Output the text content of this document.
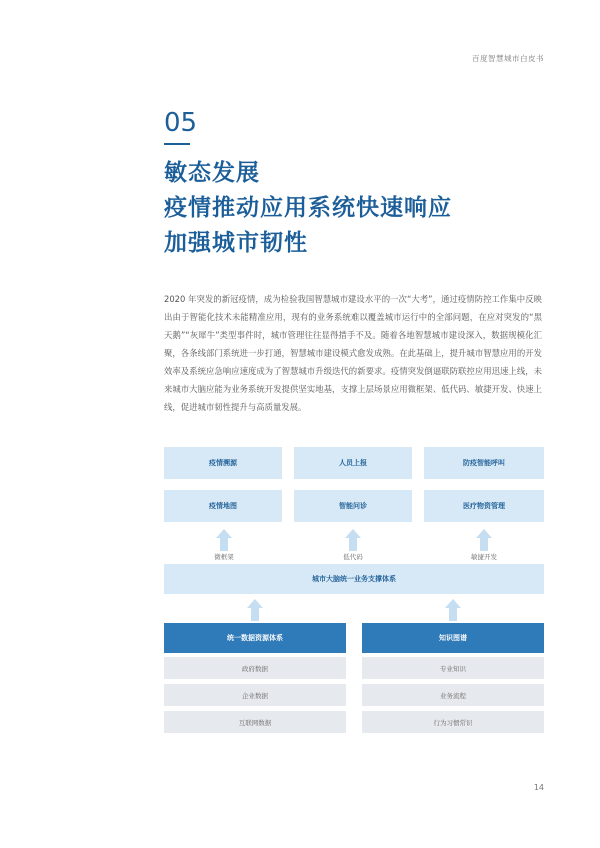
百度智慧城市白皮书
05
敏态发展
疫情推动应用系统快速响应
加强城市韧性
2020 年突发的新冠疫情，成为检验我国智慧城市建设水平的一次“大考”，通过疫情防控工作集中反映出由于智能化技术未能精准应用，现有的业务系统难以覆盖城市运行中的全部问题，在应对突发的“黑天鹅”“灰犀牛”类型事件时，城市管理往往显得措手不及。随着各地智慧城市建设深入，数据规模化汇聚，各条线部门系统进一步打通，智慧城市建设模式愈发成熟。在此基础上，提升城市智慧应用的开发效率及系统应急响应速度成为了智慧城市升级迭代的新要求。疫情突发倒逼联防联控应用迅速上线，未来城市大脑应能为业务系统开发提供坚实地基，支撑上层场景应用微框架、低代码、敏捷开发、快速上线，促进城市韧性提升与高质量发展。
疫情溯源	人员上报	防疫智能呼叫
疫情地图	智能问诊	医疗物资管理
微框架	低代码	敏捷开发
城市大脑统一业务支撑体系
统一数据资源体系
政府数据
企业数据
互联网数据
知识图谱
专业知识
业务流程
行为习惯常识
14
